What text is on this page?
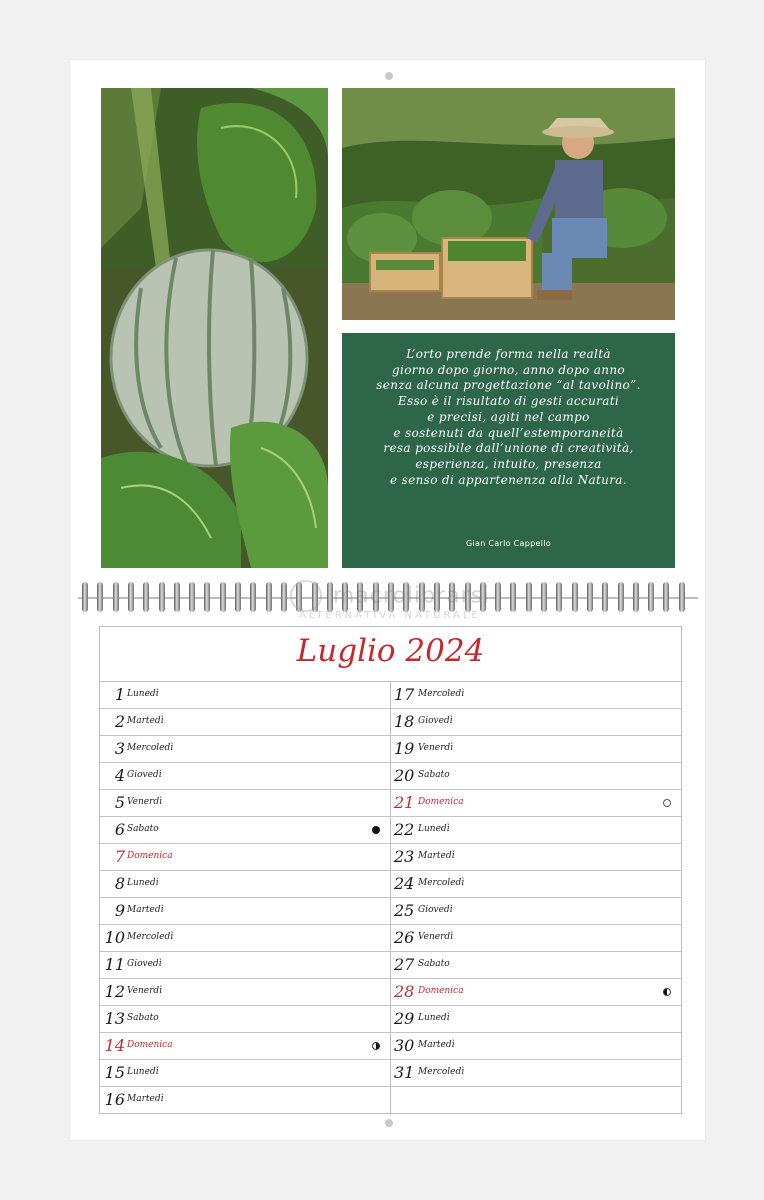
L’orto prende forma nella realtà
giorno dopo giorno, anno dopo anno
senza alcuna progettazione “al tavolino”.
Esso è il risultato di gesti accurati
e precisi, agiti nel campo
e sostenuti da quell’estemporaneità
resa possibile dall’unione di creatività,
esperienza, intuito, presenza
e senso di appartenenza alla Natura.
Gian Carlo Cappello
macrolibrarsi
ALTERNATIVA NATURALE
Luglio 2024
1 Lunedì
2 Martedì
3 Mercoledì
4 Giovedì
5 Venerdì
6 Sabato
7 Domenica
8 Lunedì
9 Martedì
10 Mercoledì
11 Giovedì
12 Venerdì
13 Sabato
14 Domenica
15 Lunedì
16 Martedì
17 Mercoledì
18 Giovedì
19 Venerdì
20 Sabato
21 Domenica
22 Lunedì
23 Martedì
24 Mercoledì
25 Giovedì
26 Venerdì
27 Sabato
28 Domenica
29 Lunedì
30 Martedì
31 Mercoledì
